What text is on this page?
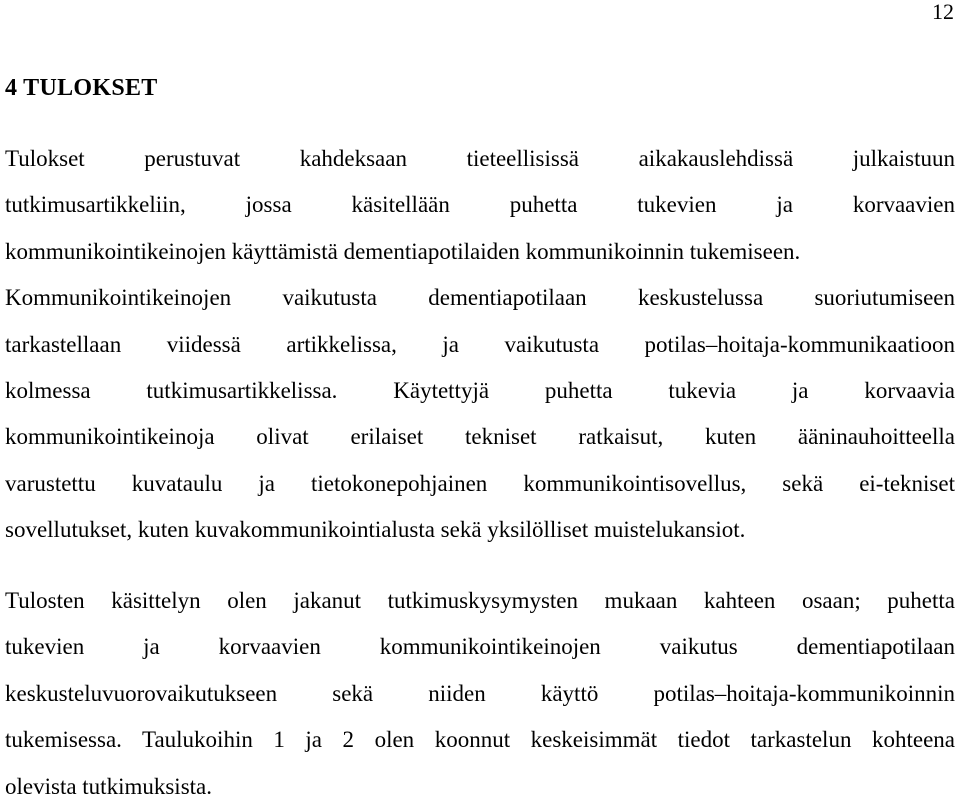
12
4 TULOKSET
Tulokset perustuvat kahdeksaan tieteellisissä aikakauslehdissä julkaistuun
tutkimusartikkeliin, jossa käsitellään puhetta tukevien ja korvaavien
kommunikointikeinojen käyttämistä dementiapotilaiden kommunikoinnin tukemiseen.
Kommunikointikeinojen vaikutusta dementiapotilaan keskustelussa suoriutumiseen
tarkastellaan viidessä artikkelissa, ja vaikutusta potilas–hoitaja-kommunikaatioon
kolmessa tutkimusartikkelissa. Käytettyjä puhetta tukevia ja korvaavia
kommunikointikeinoja olivat erilaiset tekniset ratkaisut, kuten ääninauhoitteella
varustettu kuvataulu ja tietokonepohjainen kommunikointisovellus, sekä ei-tekniset
sovellutukset, kuten kuvakommunikointialusta sekä yksilölliset muistelukansiot.
Tulosten käsittelyn olen jakanut tutkimuskysymysten mukaan kahteen osaan; puhetta
tukevien ja korvaavien kommunikointikeinojen vaikutus dementiapotilaan
keskusteluvuorovaikutukseen sekä niiden käyttö potilas–hoitaja-kommunikoinnin
tukemisessa. Taulukoihin 1 ja 2 olen koonnut keskeisimmät tiedot tarkastelun kohteena
olevista tutkimuksista.
